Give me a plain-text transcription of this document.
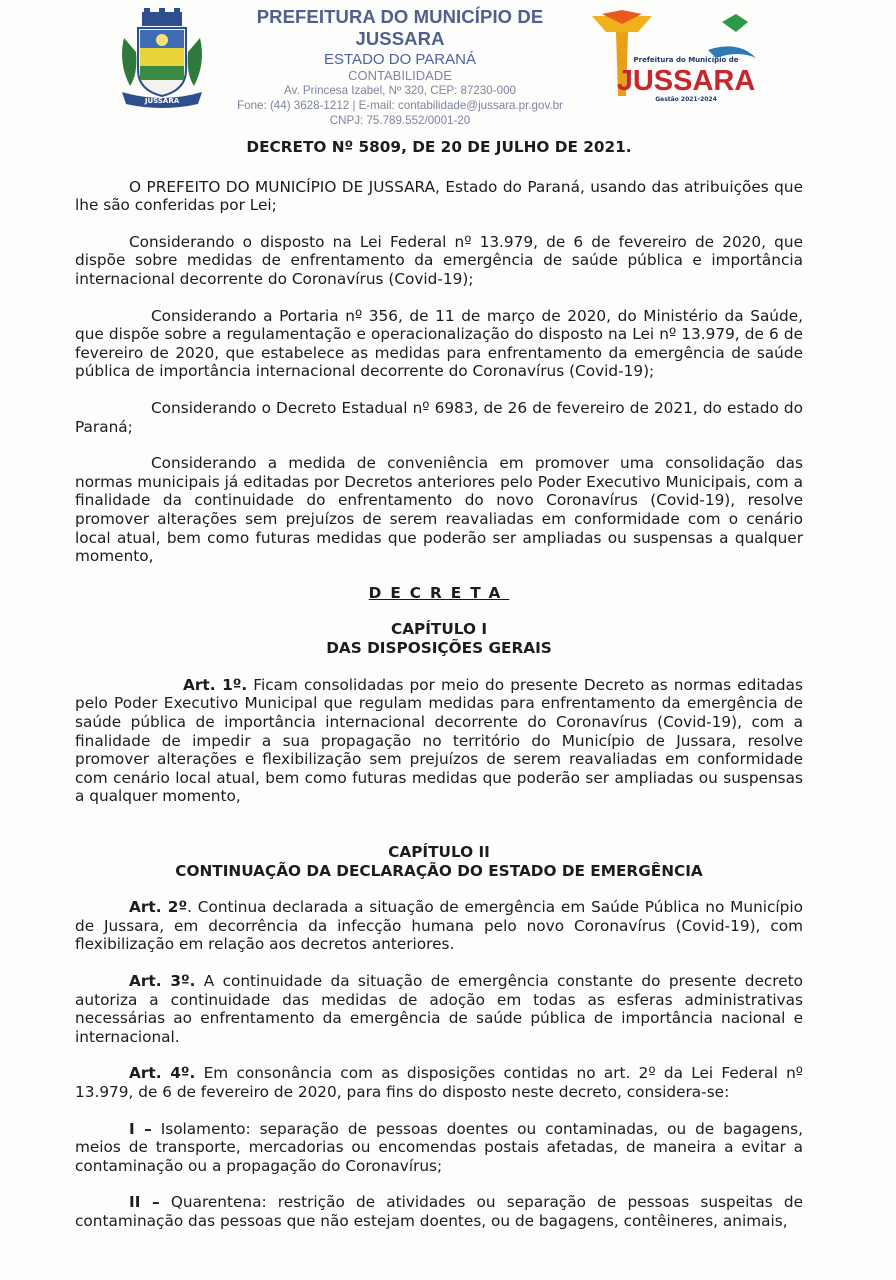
JUSSARA
PREFEITURA DO MUNICÍPIO DE JUSSARA
ESTADO DO PARANÁ
CONTABILIDADE
Av. Princesa Izabel, Nº 320, CEP: 87230-000
Fone: (44) 3628-1212 | E-mail: contabilidade@jussara.pr.gov.br
CNPJ: 75.789.552/0001-20
Prefeitura do Município de
JUSSARA
Gestão 2021-2024

DECRETO Nº 5809, DE 20 DE JULHO DE 2021.

O PREFEITO DO MUNICÍPIO DE JUSSARA, Estado do Paraná, usando das atribuições que lhe são conferidas por Lei;

Considerando o disposto na Lei Federal nº 13.979, de 6 de fevereiro de 2020, que dispõe sobre medidas de enfrentamento da emergência de saúde pública e importância internacional decorrente do Coronavírus (Covid-19);

Considerando a Portaria nº 356, de 11 de março de 2020, do Ministério da Saúde, que dispõe sobre a regulamentação e operacionalização do disposto na Lei nº 13.979, de 6 de fevereiro de 2020, que estabelece as medidas para enfrentamento da emergência de saúde pública de importância internacional decorrente do Coronavírus (Covid-19);

Considerando o Decreto Estadual nº 6983, de 26 de fevereiro de 2021, do estado do Paraná;

Considerando a medida de conveniência em promover uma consolidação das normas municipais já editadas por Decretos anteriores pelo Poder Executivo Municipais, com a finalidade da continuidade do enfrentamento do novo Coronavírus (Covid-19), resolve promover alterações sem prejuízos de serem reavaliadas em conformidade com o cenário local atual, bem como futuras medidas que poderão ser ampliadas ou suspensas a qualquer momento,

DECRETA

CAPÍTULO I

DAS DISPOSIÇÕES GERAIS

Art. 1º. Ficam consolidadas por meio do presente Decreto as normas editadas pelo Poder Executivo Municipal que regulam medidas para enfrentamento da emergência de saúde pública de importância internacional decorrente do Coronavírus (Covid-19), com a finalidade de impedir a sua propagação no território do Município de Jussara, resolve promover alterações e flexibilização sem prejuízos de serem reavaliadas em conformidade com cenário local atual, bem como futuras medidas que poderão ser ampliadas ou suspensas a qualquer momento,

CAPÍTULO II

CONTINUAÇÃO DA DECLARAÇÃO DO ESTADO DE EMERGÊNCIA

Art. 2º. Continua declarada a situação de emergência em Saúde Pública no Município de Jussara, em decorrência da infecção humana pelo novo Coronavírus (Covid-19), com flexibilização em relação aos decretos anteriores.

Art. 3º. A continuidade da situação de emergência constante do presente decreto autoriza a continuidade das medidas de adoção em todas as esferas administrativas necessárias ao enfrentamento da emergência de saúde pública de importância nacional e internacional.

Art. 4º. Em consonância com as disposições contidas no art. 2º da Lei Federal nº 13.979, de 6 de fevereiro de 2020, para fins do disposto neste decreto, considera-se:

I – Isolamento: separação de pessoas doentes ou contaminadas, ou de bagagens, meios de transporte, mercadorias ou encomendas postais afetadas, de maneira a evitar a contaminação ou a propagação do Coronavírus;

II – Quarentena: restrição de atividades ou separação de pessoas suspeitas de contaminação das pessoas que não estejam doentes, ou de bagagens, contêineres, animais,
